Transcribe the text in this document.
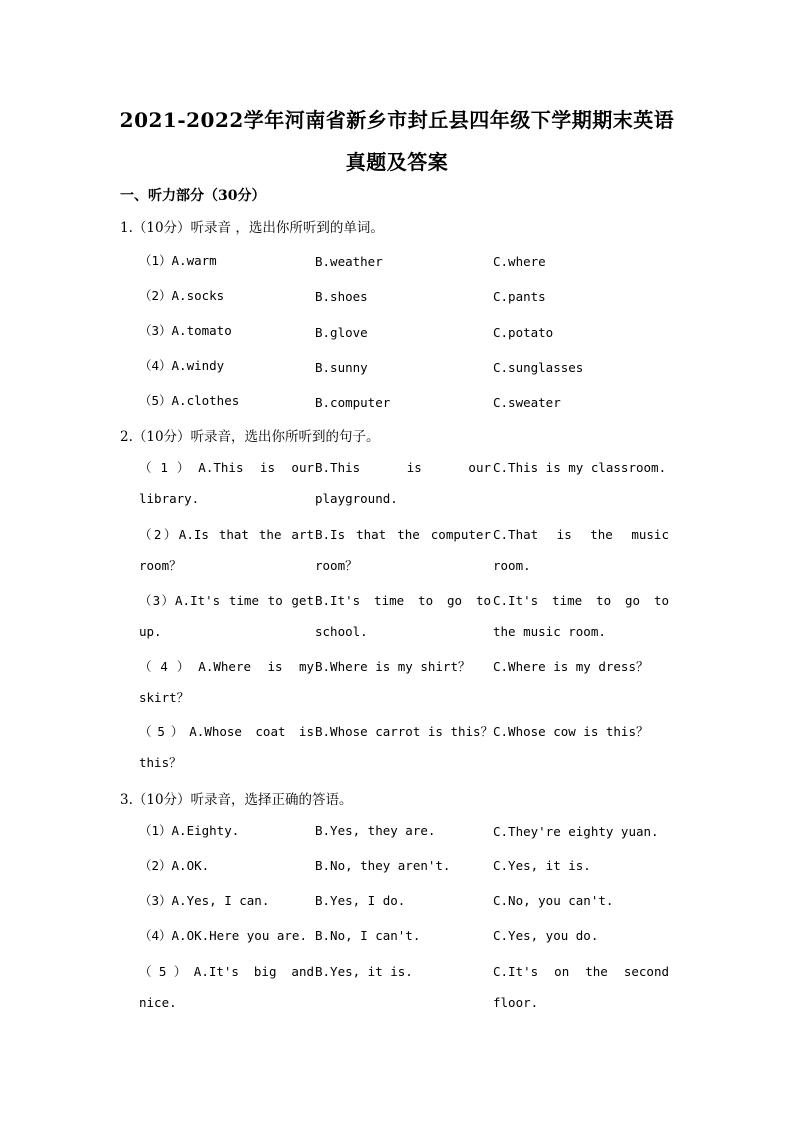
2021-2022学年河南省新乡市封丘县四年级下学期期末英语
真题及答案
一、听力部分（30分）
1.（10分）听录音 ，选出你所听到的单词。
（1）A.warm	B.weather	C.where
（2）A.socks	B.shoes	C.pants
（3）A.tomato	B.glove	C.potato
（4）A.windy	B.sunny	C.sunglasses
（5）A.clothes	B.computer	C.sweater
2.（10分）听录音，选出你所听到的句子。
（1）A.This is our library.
B.This is our playground.
C.This is my classroom.
（2）A.Is that the art room？
B.Is that the computer room？
C.That is the music room.
（3）A.It's time to get up.
B.It's time to go to school.
C.It's time to go to the music room.
（4）A.Where is my skirt？
B.Where is my shirt？	C.Where is my dress？
（5）A.Whose coat is this？
B.Whose carrot is this？ C.Whose cow is this？
3.（10分）听录音，选择正确的答语。
（1）A.Eighty.	B.Yes, they are.	C.They're eighty yuan.
（2）A.OK.	B.No, they aren't.	C.Yes, it is.
（3）A.Yes, I can.	B.Yes, I do.	C.No, you can't.
（4）A.OK.Here you are. B.No, I can't.	C.Yes, you do.
（5）A.It's big and nice.
B.Yes, it is.	C.It's on the second floor.
